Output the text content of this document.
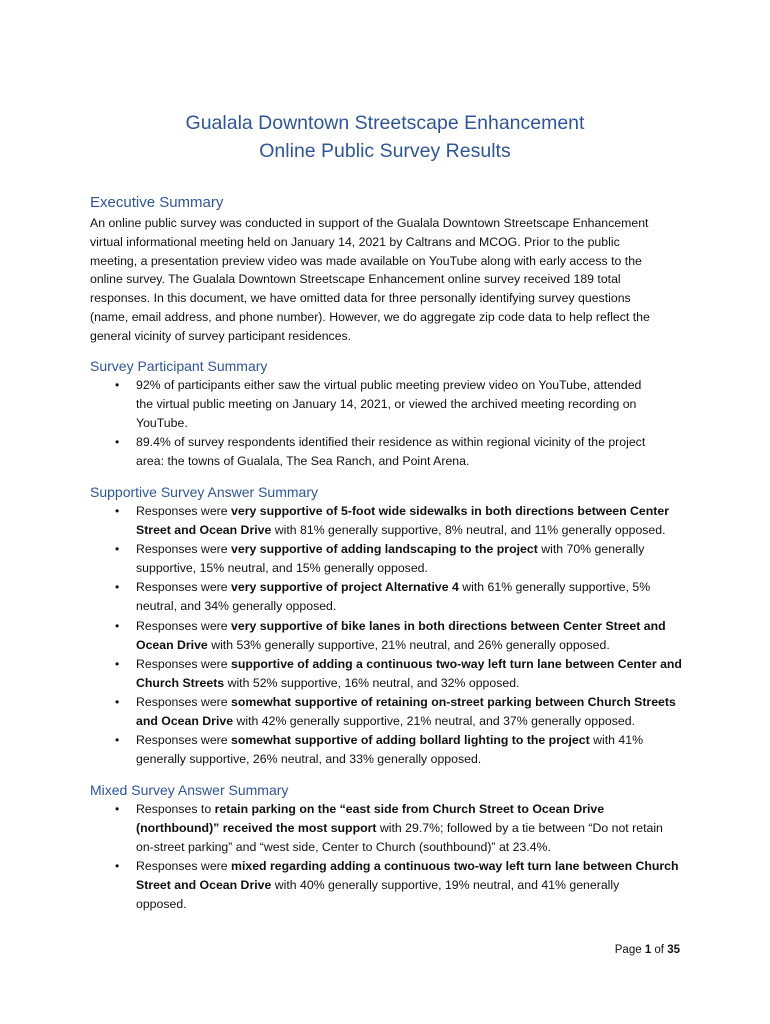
Gualala Downtown Streetscape Enhancement
Online Public Survey Results
Executive Summary
An online public survey was conducted in support of the Gualala Downtown Streetscape Enhancement
virtual informational meeting held on January 14, 2021 by Caltrans and MCOG. Prior to the public
meeting, a presentation preview video was made available on YouTube along with early access to the
online survey. The Gualala Downtown Streetscape Enhancement online survey received 189 total
responses. In this document, we have omitted data for three personally identifying survey questions
(name, email address, and phone number). However, we do aggregate zip code data to help reflect the
general vicinity of survey participant residences.
Survey Participant Summary
• 92% of participants either saw the virtual public meeting preview video on YouTube, attended
the virtual public meeting on January 14, 2021, or viewed the archived meeting recording on
YouTube.
• 89.4% of survey respondents identified their residence as within regional vicinity of the project
area: the towns of Gualala, The Sea Ranch, and Point Arena.
Supportive Survey Answer Summary
• Responses were very supportive of 5-foot wide sidewalks in both directions between Center
Street and Ocean Drive with 81% generally supportive, 8% neutral, and 11% generally opposed.
• Responses were very supportive of adding landscaping to the project with 70% generally
supportive, 15% neutral, and 15% generally opposed.
• Responses were very supportive of project Alternative 4 with 61% generally supportive, 5%
neutral, and 34% generally opposed.
• Responses were very supportive of bike lanes in both directions between Center Street and
Ocean Drive with 53% generally supportive, 21% neutral, and 26% generally opposed.
• Responses were supportive of adding a continuous two-way left turn lane between Center and
Church Streets with 52% supportive, 16% neutral, and 32% opposed.
• Responses were somewhat supportive of retaining on-street parking between Church Streets
and Ocean Drive with 42% generally supportive, 21% neutral, and 37% generally opposed.
• Responses were somewhat supportive of adding bollard lighting to the project with 41%
generally supportive, 26% neutral, and 33% generally opposed.
Mixed Survey Answer Summary
• Responses to retain parking on the “east side from Church Street to Ocean Drive
(northbound)” received the most support with 29.7%; followed by a tie between “Do not retain
on-street parking” and “west side, Center to Church (southbound)” at 23.4%.
• Responses were mixed regarding adding a continuous two-way left turn lane between Church
Street and Ocean Drive with 40% generally supportive, 19% neutral, and 41% generally
opposed.
Page 1 of 35
